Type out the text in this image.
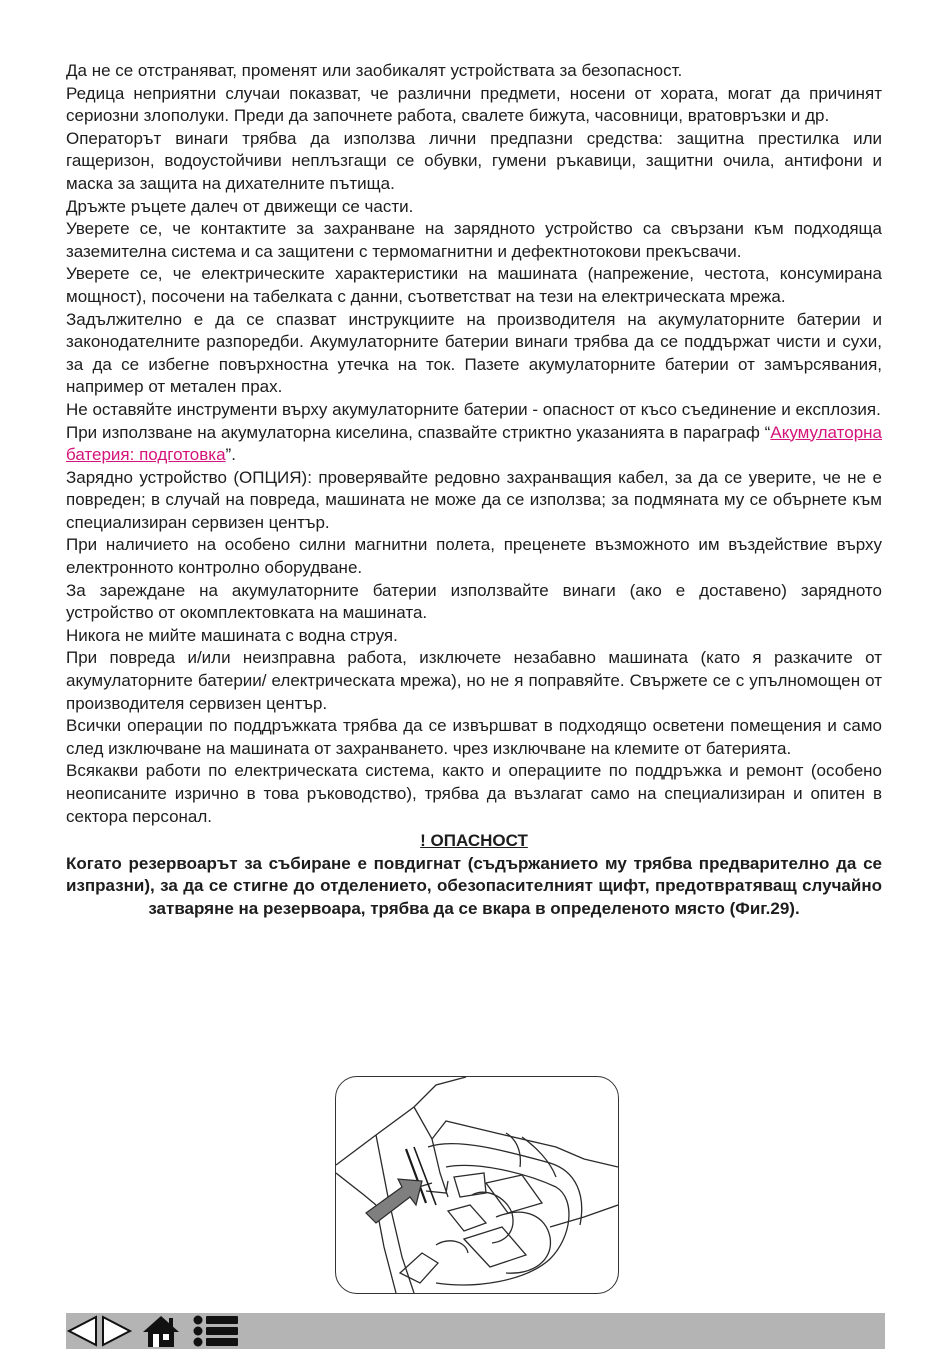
Да не се отстраняват, променят или заобикалят устройствата за безопасност.

Редица неприятни случаи показват, че различни предмети, носени от хората, могат да причинят сериозни злополуки. Преди да започнете работа, свалете бижута, часовници, вратовръзки и др.

Операторът винаги трябва да използва лични предпазни средства: защитна престилка или гащеризон, водоустойчиви неплъзгащи се обувки, гумени ръкавици, защитни очила, антифони и маска за защита на дихателните пътища.

Дръжте ръцете далеч от движещи се части.

Уверете се, че контактите за захранване на зарядното устройство са свързани към подходяща заземителна система и са защитени с термомагнитни и дефектнотокови прекъсвачи.

Уверете се, че електрическите характеристики на машината (напрежение, честота, консумирана мощност), посочени на табелката с данни, съответстват на тези на електрическата мрежа.

Задължително е да се спазват инструкциите на производителя на акумулаторните батерии и законодателните разпоредби. Акумулаторните батерии винаги трябва да се поддържат чисти и сухи, за да се избегне повърхностна утечка на ток. Пазете акумулаторните батерии от замърсявания, например от метален прах.

Не оставяйте инструменти върху акумулаторните батерии - опасност от късо съединение и експлозия.

При използване на акумулаторна киселина, спазвайте стриктно указанията в параграф “Акумулаторна батерия: подготовка”.

Зарядно устройство (ОПЦИЯ): проверявайте редовно захранващия кабел, за да се уверите, че не е повреден; в случай на повреда, машината не може да се използва; за подмяната му се обърнете към специализиран сервизен център.

При наличието на особено силни магнитни полета, преценете възможното им въздействие върху електронното контролно оборудване.

За зареждане на акумулаторните батерии използвайте винаги (ако е доставено) зарядното устройство от окомплектовката на машината.

Никога не мийте машината с водна струя.

При повреда и/или неизправна работа, изключете незабавно машината (като я разкачите от акумулаторните батерии/ електрическата мрежа), но не я поправяйте. Свържете се с упълномощен от производителя сервизен център.

Всички операции по поддръжката трябва да се извършват в подходящо осветени помещения и само след изключване на машината от захранването. чрез изключване на клемите от батерията.

Всякакви работи по електрическата система, както и операциите по поддръжка и ремонт (особено неописаните изрично в това ръководство), трябва да възлагат само на специализиран и опитен в сектора персонал.

! ОПАСНОСТ

Когато резервоарът за събиране е повдигнат (съдържанието му трябва предварително да се изпразни), за да се стигне до отделението, обезопасителният щифт, предотвратяващ случайно затваряне на резервоара, трябва да се вкара в определеното място (Фиг.29).
